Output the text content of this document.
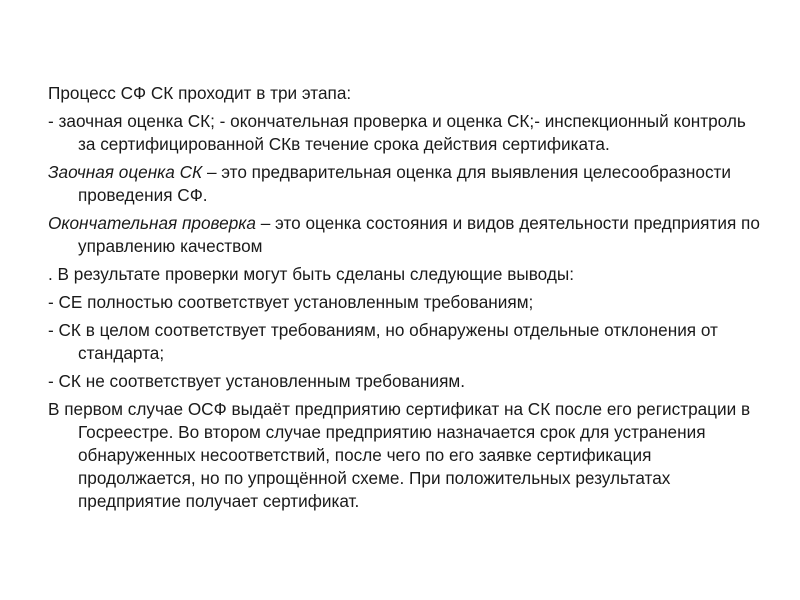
Процесс СФ СК проходит в три этапа:

- заочная оценка СК; - окончательная проверка и оценка СК;- инспекционный контроль за сертифицированной СКв течение срока действия сертификата.

Заочная оценка СК – это предварительная оценка для выявления целесообразности проведения СФ.

Окончательная проверка – это оценка состояния и видов деятельности предприятия по управлению качеством

. В результате проверки могут быть сделаны следующие выводы:

- СЕ полностью соответствует установленным требованиям;

- СК в целом соответствует требованиям, но обнаружены отдельные отклонения от стандарта;

- СК не соответствует установленным требованиям.

В первом случае ОСФ выдаёт предприятию сертификат на СК после его регистрации в Госреестре. Во втором случае предприятию назначается срок для устранения обнаруженных несоответствий, после чего по его заявке сертификация продолжается, но по упрощённой схеме. При положительных результатах предприятие получает сертификат.
